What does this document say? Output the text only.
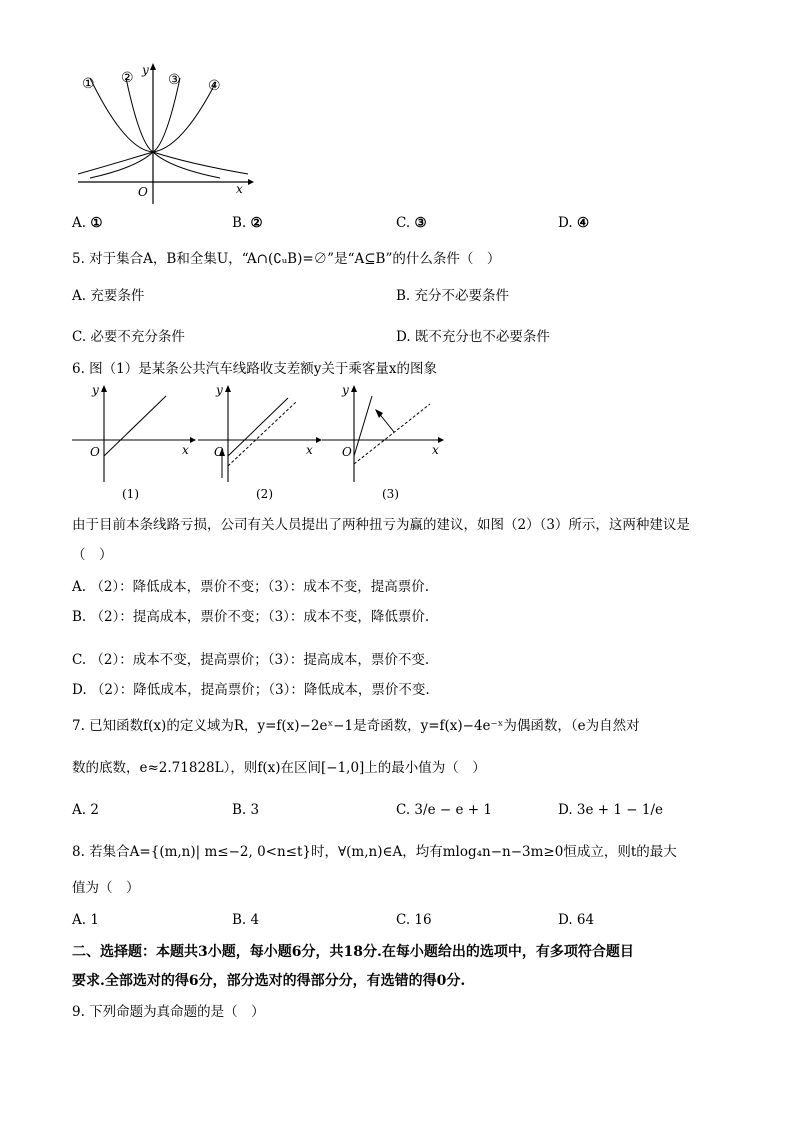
① ② ③ ④
y
x
O
A. ①	B. ②	C. ③	D. ④
5. 对于集合A，B和全集U，“A∩(∁ᵤB)=∅”是“A⊆B”的什么条件（　）
A. 充要条件	B. 充分不必要条件
C. 必要不充分条件	D. 既不充分也不必要条件
6. 图（1）是某条公共汽车线路收支差额y关于乘客量x的图象
y
x
O
(1)
y
x
O
(2)
y
x
O
(3)
由于目前本条线路亏损，公司有关人员提出了两种扭亏为赢的建议，如图（2）（3）所示，这两种建议是
（　）
A. （2）：降低成本，票价不变；（3）：成本不变，提高票价.
B. （2）：提高成本，票价不变；（3）：成本不变，降低票价.
C. （2）：成本不变，提高票价；（3）：提高成本，票价不变.
D. （2）：降低成本，提高票价；（3）：降低成本，票价不变.
7. 已知函数f(x)的定义域为R，y=f(x)−2eˣ−1是奇函数，y=f(x)−4e⁻ˣ为偶函数，（e为自然对
数的底数，e≈2.71828L），则f(x)在区间[−1,0]上的最小值为（　）
A. 2	B. 3	C. 3/e − e + 1	D. 3e + 1 − 1/e
8. 若集合A={(m,n)| m≤−2, 0<n≤t}时，∀(m,n)∈A，均有mlog₄n−n−3m≥0恒成立，则t的最大
值为（　）
A. 1	B. 4	C. 16	D. 64
二、选择题：本题共3小题，每小题6分，共18分.在每小题给出的选项中，有多项符合题目
要求.全部选对的得6分，部分选对的得部分分，有选错的得0分.
9. 下列命题为真命题的是（　）
